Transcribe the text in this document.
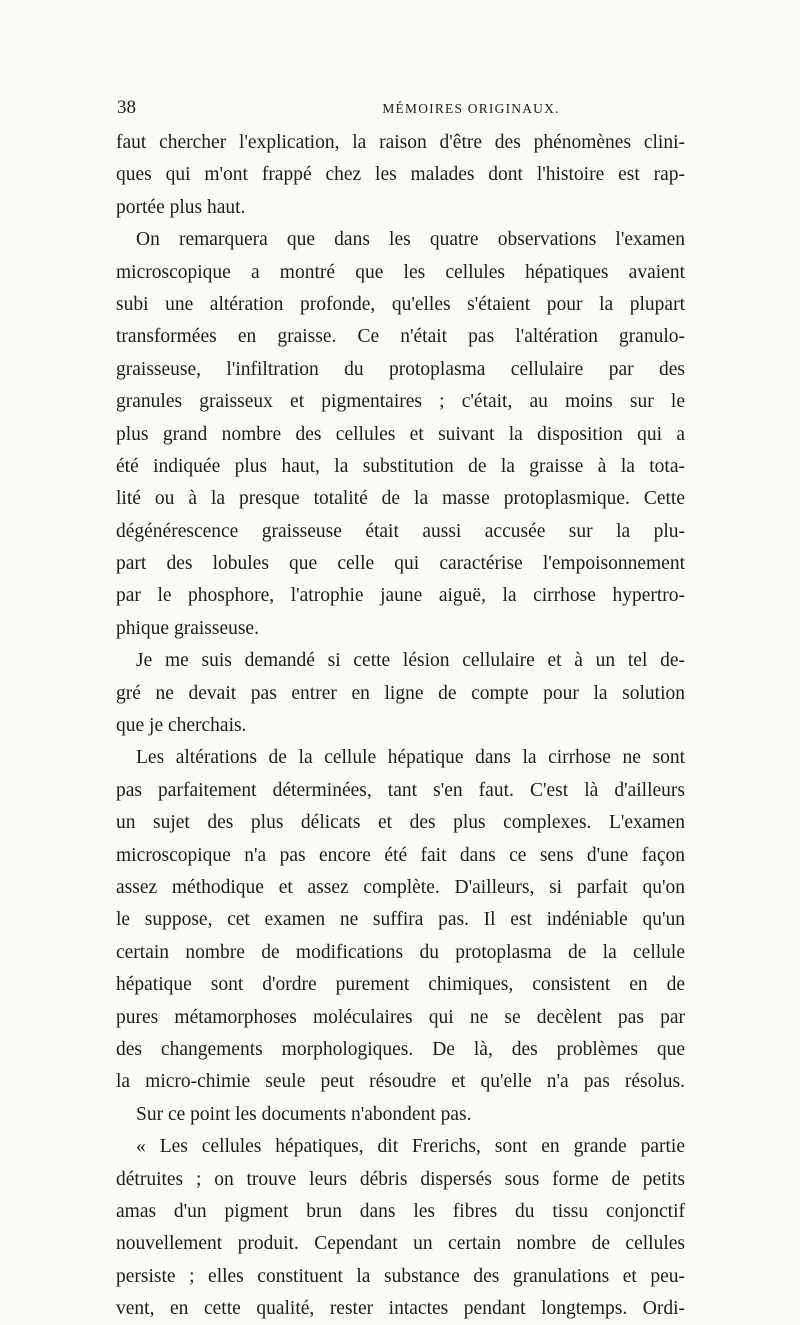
38	MÉMOIRES ORIGINAUX.
faut chercher l'explication, la raison d'être des phénomènes clini-
ques qui m'ont frappé chez les malades dont l'histoire est rap-
portée plus haut.
On remarquera que dans les quatre observations l'examen
microscopique a montré que les cellules hépatiques avaient
subi une altération profonde, qu'elles s'étaient pour la plupart
transformées en graisse. Ce n'était pas l'altération granulo-
graisseuse, l'infiltration du protoplasma cellulaire par des
granules graisseux et pigmentaires ; c'était, au moins sur le
plus grand nombre des cellules et suivant la disposition qui a
été indiquée plus haut, la substitution de la graisse à la tota-
lité ou à la presque totalité de la masse protoplasmique. Cette
dégénérescence graisseuse était aussi accusée sur la plu-
part des lobules que celle qui caractérise l'empoisonnement
par le phosphore, l'atrophie jaune aiguë, la cirrhose hypertro-
phique graisseuse.
Je me suis demandé si cette lésion cellulaire et à un tel de-
gré ne devait pas entrer en ligne de compte pour la solution
que je cherchais.
Les altérations de la cellule hépatique dans la cirrhose ne sont
pas parfaitement déterminées, tant s'en faut. C'est là d'ailleurs
un sujet des plus délicats et des plus complexes. L'examen
microscopique n'a pas encore été fait dans ce sens d'une façon
assez méthodique et assez complète. D'ailleurs, si parfait qu'on
le suppose, cet examen ne suffira pas. Il est indéniable qu'un
certain nombre de modifications du protoplasma de la cellule
hépatique sont d'ordre purement chimiques, consistent en de
pures métamorphoses moléculaires qui ne se decèlent pas par
des changements morphologiques. De là, des problèmes que
la micro-chimie seule peut résoudre et qu'elle n'a pas résolus.
Sur ce point les documents n'abondent pas.
« Les cellules hépatiques, dit Frerichs, sont en grande partie
détruites ; on trouve leurs débris dispersés sous forme de petits
amas d'un pigment brun dans les fibres du tissu conjonctif
nouvellement produit. Cependant un certain nombre de cellules
persiste ; elles constituent la substance des granulations et peu-
vent, en cette qualité, rester intactes pendant longtemps. Ordi-
